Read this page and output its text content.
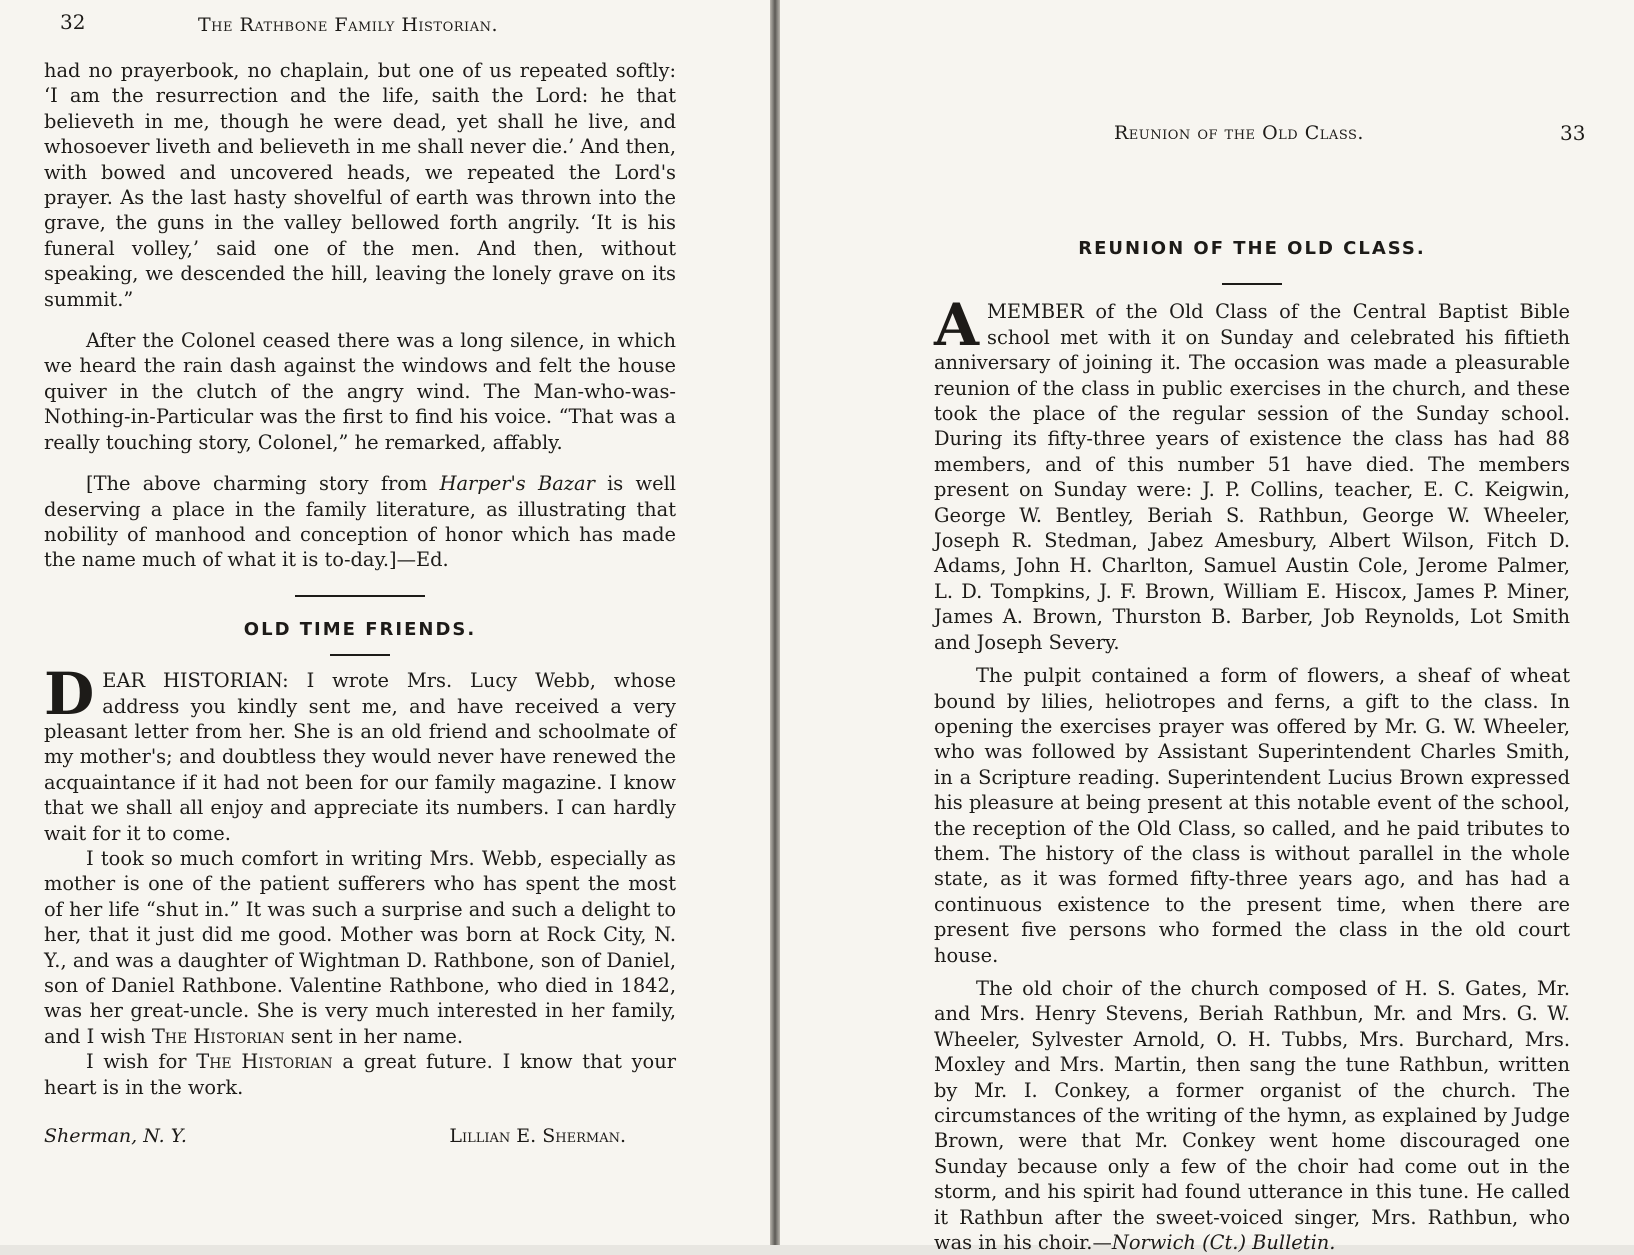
32	The Rathbone Family Historian.

had no prayerbook, no chaplain, but one of us repeated softly: ‘I am the resurrection and the life, saith the Lord: he that believeth in me, though he were dead, yet shall he live, and whosoever liveth and believeth in me shall never die.’ And then, with bowed and uncovered heads, we repeated the Lord's prayer. As the last hasty shovelful of earth was thrown into the grave, the guns in the valley bellowed forth angrily. ‘It is his funeral volley,’ said one of the men. And then, without speaking, we descended the hill, leaving the lonely grave on its summit.”

After the Colonel ceased there was a long silence, in which we heard the rain dash against the windows and felt the house quiver in the clutch of the angry wind. The Man-who-was-Nothing-in-Particular was the first to find his voice. “That was a really touching story, Colonel,” he remarked, affably.

[The above charming story from Harper's Bazar is well deserving a place in the family literature, as illustrating that nobility of manhood and conception of honor which has made the name much of what it is to-day.]—Ed.

OLD TIME FRIENDS.

DEAR HISTORIAN: I wrote Mrs. Lucy Webb, whose address you kindly sent me, and have received a very pleasant letter from her. She is an old friend and schoolmate of my mother's; and doubtless they would never have renewed the acquaintance if it had not been for our family magazine. I know that we shall all enjoy and appreciate its numbers. I can hardly wait for it to come.

I took so much comfort in writing Mrs. Webb, especially as mother is one of the patient sufferers who has spent the most of her life “shut in.” It was such a surprise and such a delight to her, that it just did me good. Mother was born at Rock City, N. Y., and was a daughter of Wightman D. Rathbone, son of Daniel, son of Daniel Rathbone. Valentine Rathbone, who died in 1842, was her great-uncle. She is very much interested in her family, and I wish The Historian sent in her name.

I wish for The Historian a great future. I know that your heart is in the work.

Sherman, N. Y.	Lillian E. Sherman.
Reunion of the Old Class.	33
REUNION OF THE OLD CLASS.

AMEMBER of the Old Class of the Central Baptist Bible school met with it on Sunday and celebrated his fiftieth anniversary of joining it. The occasion was made a pleasurable reunion of the class in public exercises in the church, and these took the place of the regular session of the Sunday school. During its fifty-three years of existence the class has had 88 members, and of this number 51 have died. The members present on Sunday were: J. P. Collins, teacher, E. C. Keigwin, George W. Bentley, Beriah S. Rathbun, George W. Wheeler, Joseph R. Stedman, Jabez Amesbury, Albert Wilson, Fitch D. Adams, John H. Charlton, Samuel Austin Cole, Jerome Palmer, L. D. Tompkins, J. F. Brown, William E. Hiscox, James P. Miner, James A. Brown, Thurston B. Barber, Job Reynolds, Lot Smith and Joseph Severy.

The pulpit contained a form of flowers, a sheaf of wheat bound by lilies, heliotropes and ferns, a gift to the class. In opening the exercises prayer was offered by Mr. G. W. Wheeler, who was followed by Assistant Superintendent Charles Smith, in a Scripture reading. Superintendent Lucius Brown expressed his pleasure at being present at this notable event of the school, the reception of the Old Class, so called, and he paid tributes to them. The history of the class is without parallel in the whole state, as it was formed fifty-three years ago, and has had a continuous existence to the present time, when there are present five persons who formed the class in the old court house.

The old choir of the church composed of H. S. Gates, Mr. and Mrs. Henry Stevens, Beriah Rathbun, Mr. and Mrs. G. W. Wheeler, Sylvester Arnold, O. H. Tubbs, Mrs. Burchard, Mrs. Moxley and Mrs. Martin, then sang the tune Rathbun, written by Mr. I. Conkey, a former organist of the church. The circumstances of the writing of the hymn, as explained by Judge Brown, were that Mr. Conkey went home discouraged one Sunday because only a few of the choir had come out in the storm, and his spirit had found utterance in this tune. He called it Rathbun after the sweet-voiced singer, Mrs. Rathbun, who was in his choir.—Norwich (Ct.) Bulletin.
